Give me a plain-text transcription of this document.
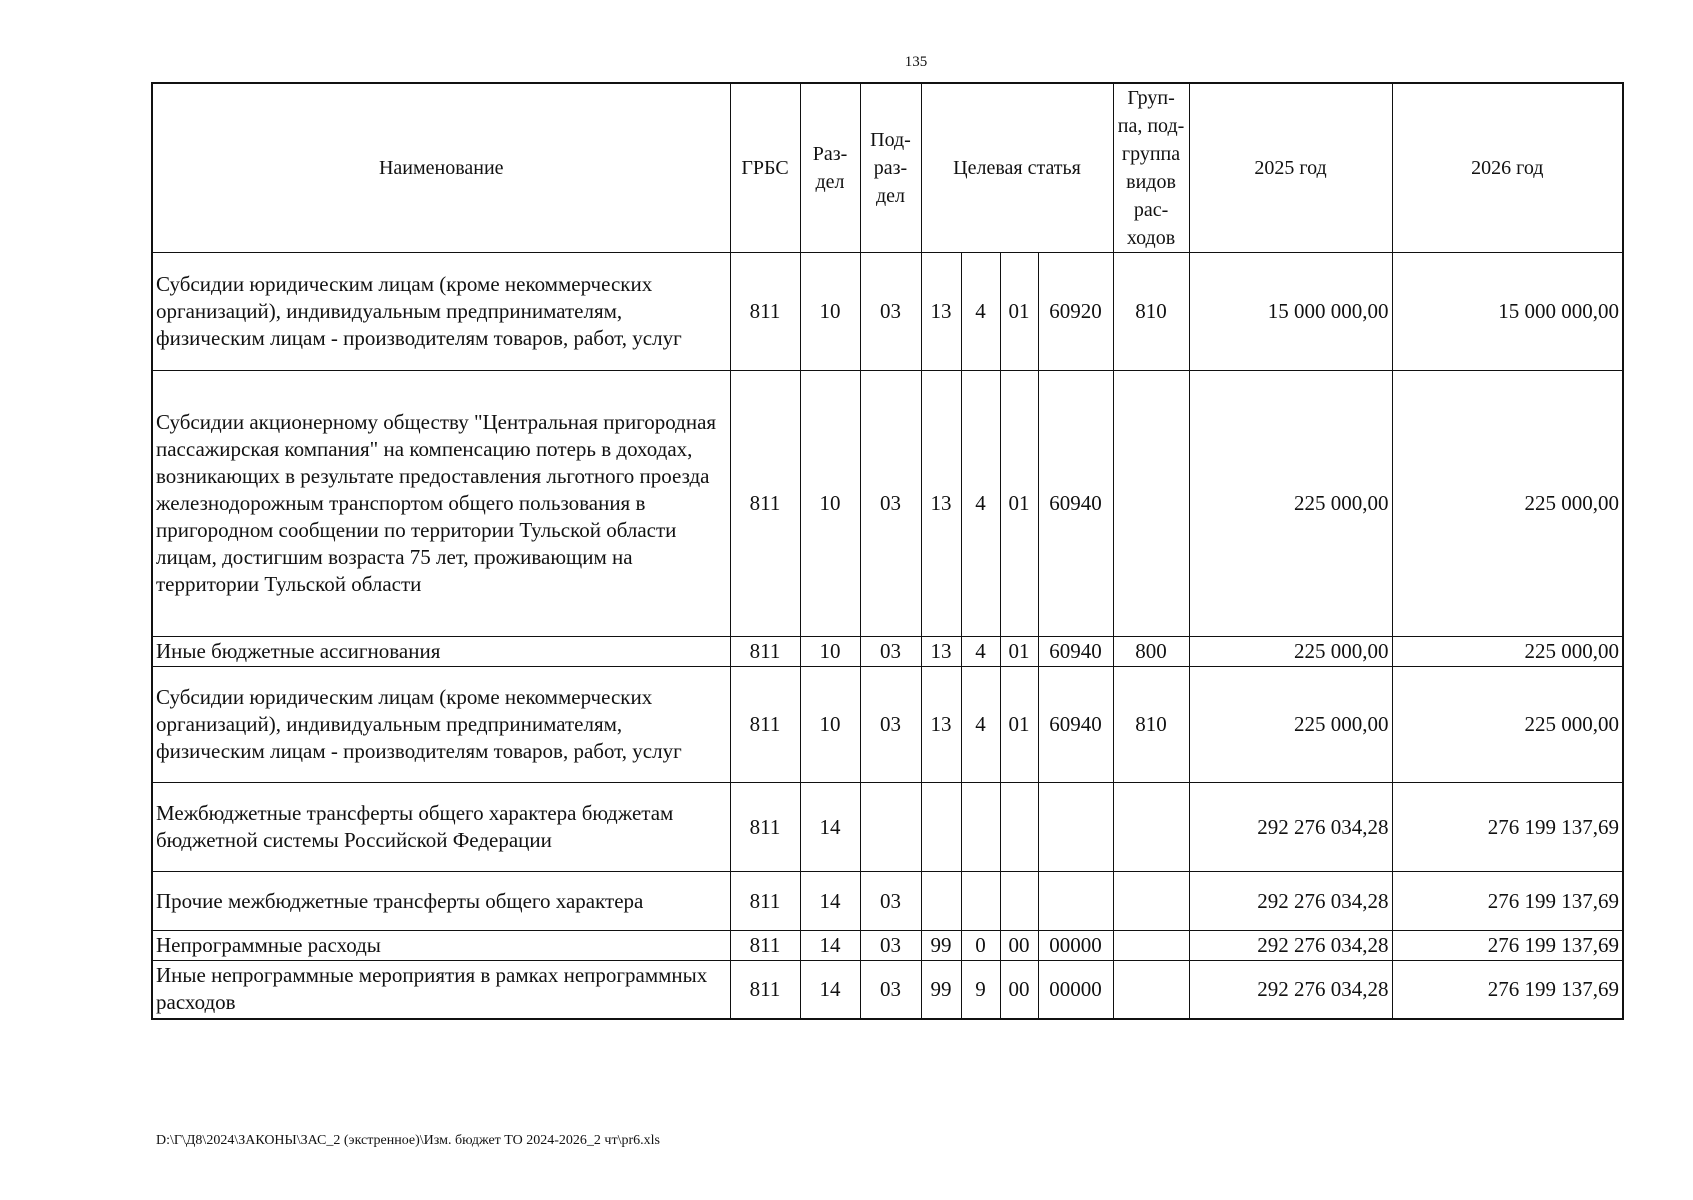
135
Наименование	ГРБС	Раз- дел	Под- раз- дел	Целевая статья				Груп- па, под- группа видов рас- ходов	2025 год	2026 год
Субсидии юридическим лицам (кроме некоммерческих организаций), индивидуальным предпринимателям, физическим лицам - производителям товаров, работ, услуг	811	10	03	13	4	01	60920	810	15 000 000,00	15 000 000,00
Субсидии акционерному обществу "Центральная пригородная пассажирская компания" на компенсацию потерь в доходах, возникающих в результате предоставления льготного проезда железнодорожным транспортом общего пользования в пригородном сообщении по территории Тульской области лицам, достигшим возраста 75 лет, проживающим на территории Тульской области	811	10	03	13	4	01	60940		225 000,00	225 000,00
Иные бюджетные ассигнования	811	10	03	13	4	01	60940	800	225 000,00	225 000,00
Субсидии юридическим лицам (кроме некоммерческих организаций), индивидуальным предпринимателям, физическим лицам - производителям товаров, работ, услуг	811	10	03	13	4	01	60940	810	225 000,00	225 000,00
Межбюджетные трансферты общего характера бюджетам бюджетной системы Российской Федерации	811	14							292 276 034,28	276 199 137,69
Прочие межбюджетные трансферты общего характера	811	14	03						292 276 034,28	276 199 137,69
Непрограммные расходы	811	14	03	99	0	00	00000		292 276 034,28	276 199 137,69
Иные непрограммные мероприятия в рамках непрограммных расходов	811	14	03	99	9	00	00000		292 276 034,28	276 199 137,69
D:\Г\Д8\2024\ЗАКОНЫ\ЗАС_2 (экстренное)\Изм. бюджет ТО 2024-2026_2 чт\pr6.xls
